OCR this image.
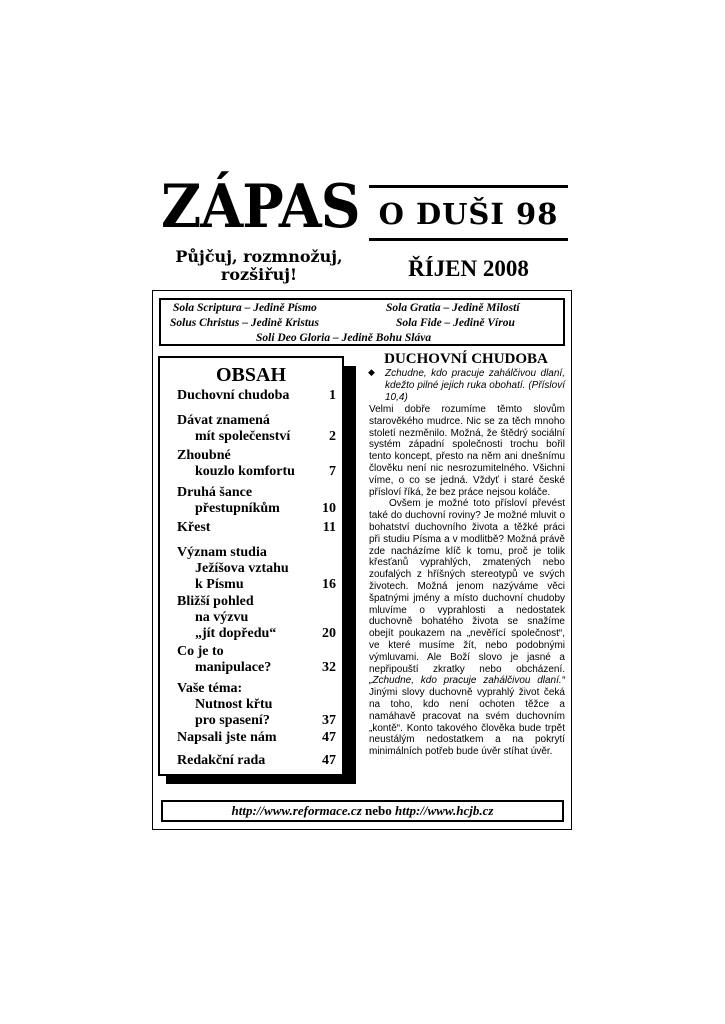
ZÁPAS O DUŠI 98
Půjčuj, rozmnožuj,
rozšiřuj!	ŘÍJEN 2008
Sola Scriptura – Jedině Písmo	Sola Gratia – Jedině Milostí
Solus Christus – Jedině Kristus	Sola Fide – Jedině Vírou
Soli Deo Gloria – Jedině Bohu Sláva
OBSAH
Duchovní chudoba	1
Dávat znamená
mít společenství	2
Zhoubné
kouzlo komfortu	7
Druhá šance
přestupníkům	10
Křest	11
Význam studia
Ježíšova vztahu
k Písmu	16
Bližší pohled
na výzvu
„jít dopředu“	20
Co je to
manipulace?	32
Vaše téma:
Nutnost křtu
pro spasení?	37
Napsali jste nám	47
Redakční rada	47
DUCHOVNÍ CHUDOBA
◆ Zchudne, kdo pracuje zahálčivou dlaní, kdežto pilné jejich ruka obohatí. (Přísloví 10,4)

Velmi dobře rozumíme těmto slovům starověkého mudrce. Nic se za těch mnoho století nezměnilo. Možná, že štědrý sociální systém západní společnosti trochu bořil tento koncept, přesto na něm ani dnešnímu člověku není nic nesrozumitelného. Všichni víme, o co se jedná. Vždyť i staré české přísloví říká, že bez práce nejsou koláče.

Ovšem je možné toto přísloví převést také do duchovní roviny? Je možné mluvit o bohatství duchovního života a těžké práci při studiu Písma a v modlitbě? Možná právě zde nacházíme klíč k tomu, proč je tolik křesťanů vyprahlých, zmatených nebo zoufalých z hříšných stereotypů ve svých životech. Možná jenom nazýváme věci špatnými jmény a místo duchovní chudoby mluvíme o vyprahlosti a nedostatek duchovně bohatého života se snažíme obejít poukazem na „nevěřící společnost“, ve které musíme žít, nebo podobnými výmluvami. Ale Boží slovo je jasné a nepřipouští zkratky nebo obcházení. „Zchudne, kdo pracuje zahálčivou dlaní.“ Jinými slovy duchovně vyprahlý život čeká na toho, kdo není ochoten těžce a namáhavě pracovat na svém duchovním „kontě“. Konto takového člověka bude trpět neustálým nedostatkem a na pokrytí minimálních potřeb bude úvěr stíhat úvěr.

http://www.reformace.cz nebo http://www.hcjb.cz
